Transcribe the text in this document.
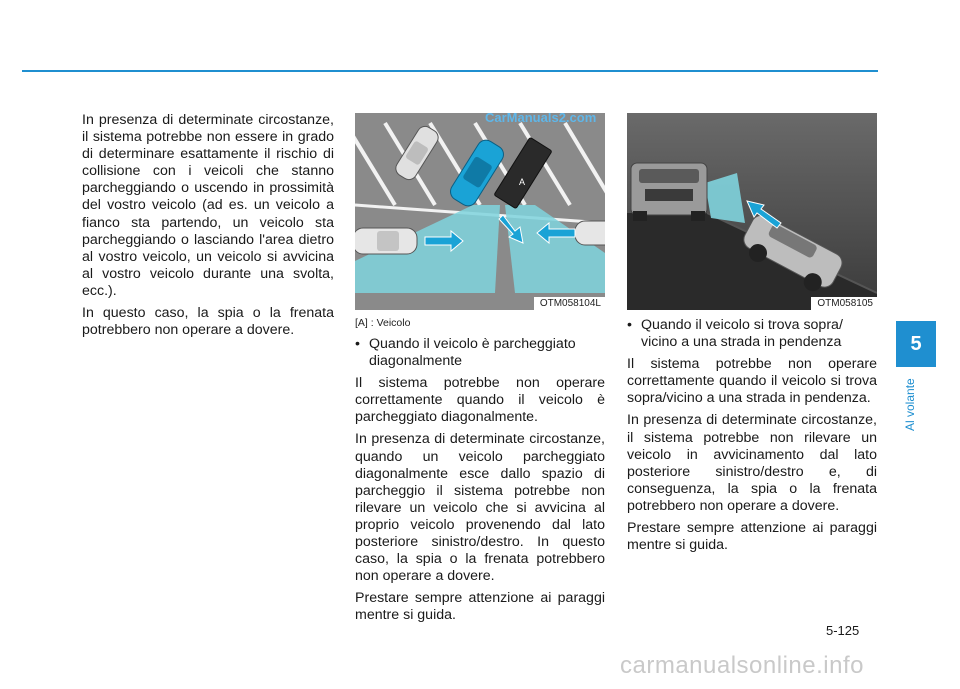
In presenza di determinate circostanze, il sistema potrebbe non essere in grado di determinare esattamente il rischio di collisione con i veicoli che stanno parcheggiando o uscendo in prossimità del vostro veicolo (ad es. un veicolo a fianco sta partendo, un veicolo sta parcheggiando o lasciando l'area dietro al vostro veicolo, un veicolo si avvicina al vostro veicolo durante una svolta, ecc.).

In questo caso, la spia o la frenata potrebbero non operare a dovere.

A
CarManuals2.com
OTM058104L
[A] : Veicolo
• Quando il veicolo è parcheggiato diagonalmente

Il sistema potrebbe non operare correttamente quando il veicolo è parcheggiato diagonalmente.

In presenza di determinate circostanze, quando un veicolo parcheggiato diagonalmente esce dallo spazio di parcheggio il sistema potrebbe non rilevare un veicolo che si avvicina al proprio veicolo provenendo dal lato posteriore sinistro/destro. In questo caso, la spia o la frenata potrebbero non operare a dovere.

Prestare sempre attenzione ai paraggi mentre si guida.

OTM058105
• Quando il veicolo si trova sopra/ vicino a una strada in pendenza

Il sistema potrebbe non operare correttamente quando il veicolo si trova sopra/vicino a una strada in pendenza.

In presenza di determinate circostanze, il sistema potrebbe non rilevare un veicolo in avvicinamento dal lato posteriore sinistro/destro e, di conseguenza, la spia o la frenata potrebbero non operare a dovere.

Prestare sempre attenzione ai paraggi mentre si guida.

5
Al volante
5-125
carmanualsonline.info
